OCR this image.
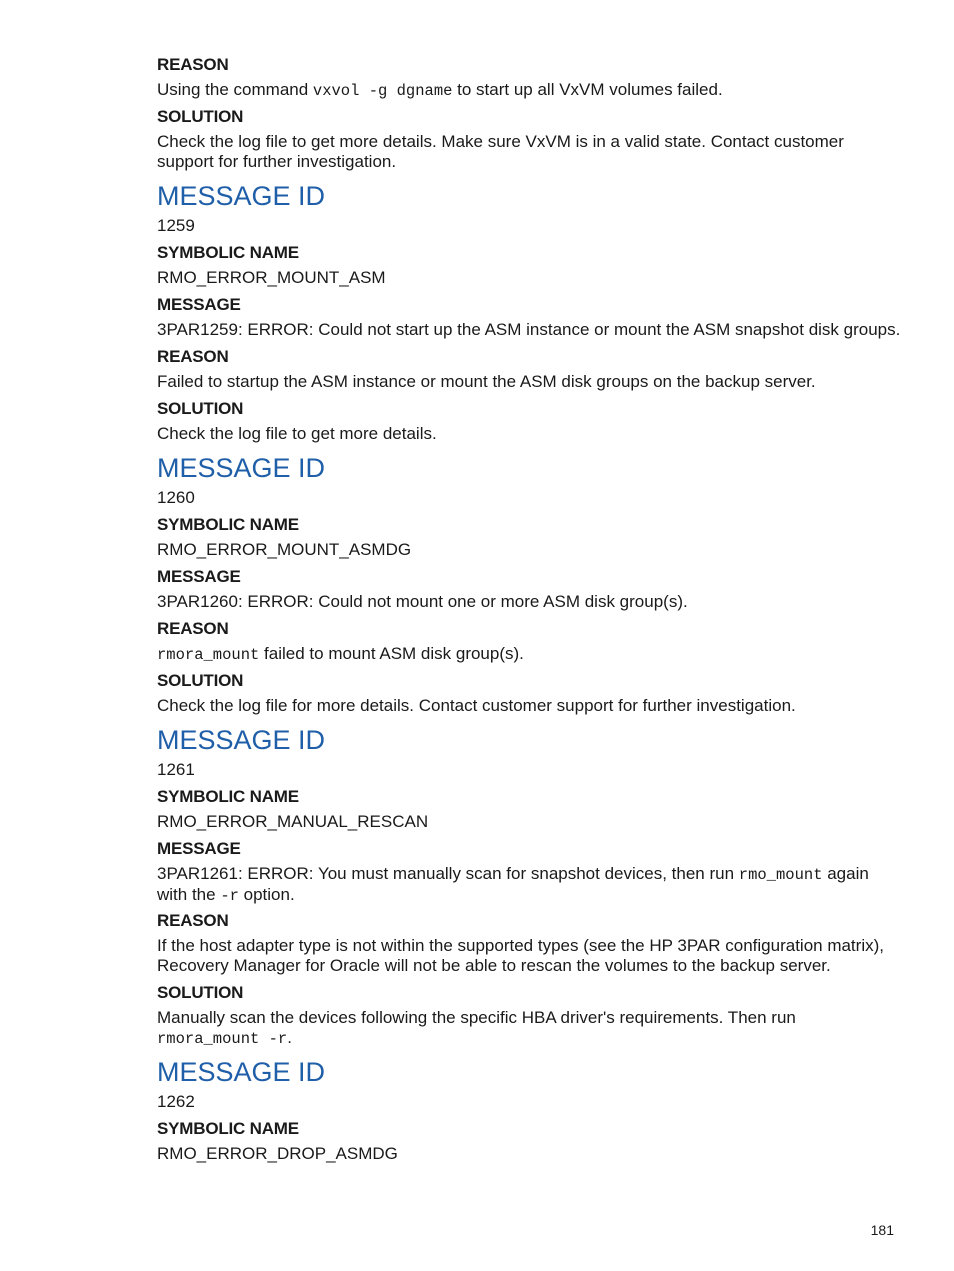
REASON
Using the command vxvol -g dgname to start up all VxVM volumes failed.
SOLUTION
Check the log file to get more details. Make sure VxVM is in a valid state. Contact customer support for further investigation.
MESSAGE ID
1259
SYMBOLIC NAME
RMO_ERROR_MOUNT_ASM
MESSAGE
3PAR1259: ERROR: Could not start up the ASM instance or mount the ASM snapshot disk groups.
REASON
Failed to startup the ASM instance or mount the ASM disk groups on the backup server.
SOLUTION
Check the log file to get more details.
MESSAGE ID
1260
SYMBOLIC NAME
RMO_ERROR_MOUNT_ASMDG
MESSAGE
3PAR1260: ERROR: Could not mount one or more ASM disk group(s).
REASON
rmora_mount failed to mount ASM disk group(s).
SOLUTION
Check the log file for more details. Contact customer support for further investigation.
MESSAGE ID
1261
SYMBOLIC NAME
RMO_ERROR_MANUAL_RESCAN
MESSAGE
3PAR1261: ERROR: You must manually scan for snapshot devices, then run rmo_mount again with the -r option.
REASON
If the host adapter type is not within the supported types (see the HP 3PAR configuration matrix), Recovery Manager for Oracle will not be able to rescan the volumes to the backup server.
SOLUTION
Manually scan the devices following the specific HBA driver's requirements. Then run rmora_mount -r.
MESSAGE ID
1262
SYMBOLIC NAME
RMO_ERROR_DROP_ASMDG
181
